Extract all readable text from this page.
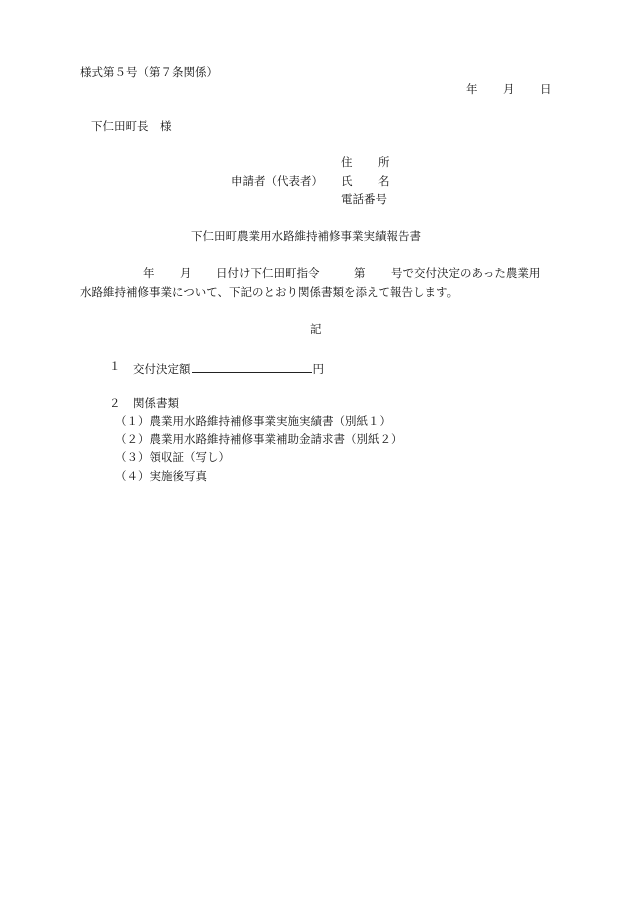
様式第５号（第７条関係）
年 月 日
下仁田町長　様
住 所
申請者（代表者） 氏 名
電話番号
下仁田町農業用水路維持補修事業実績報告書
年 月 日付け下仁田町指令	第 号で交付決定のあった農業用
水路維持補修事業について、下記のとおり関係書類を添えて報告します。
記
１ 交付決定額	円
２ 関係書類
（１）農業用水路維持補修事業実施実績書（別紙１）
（２）農業用水路維持補修事業補助金請求書（別紙２）
（３）領収証（写し）
（４）実施後写真
